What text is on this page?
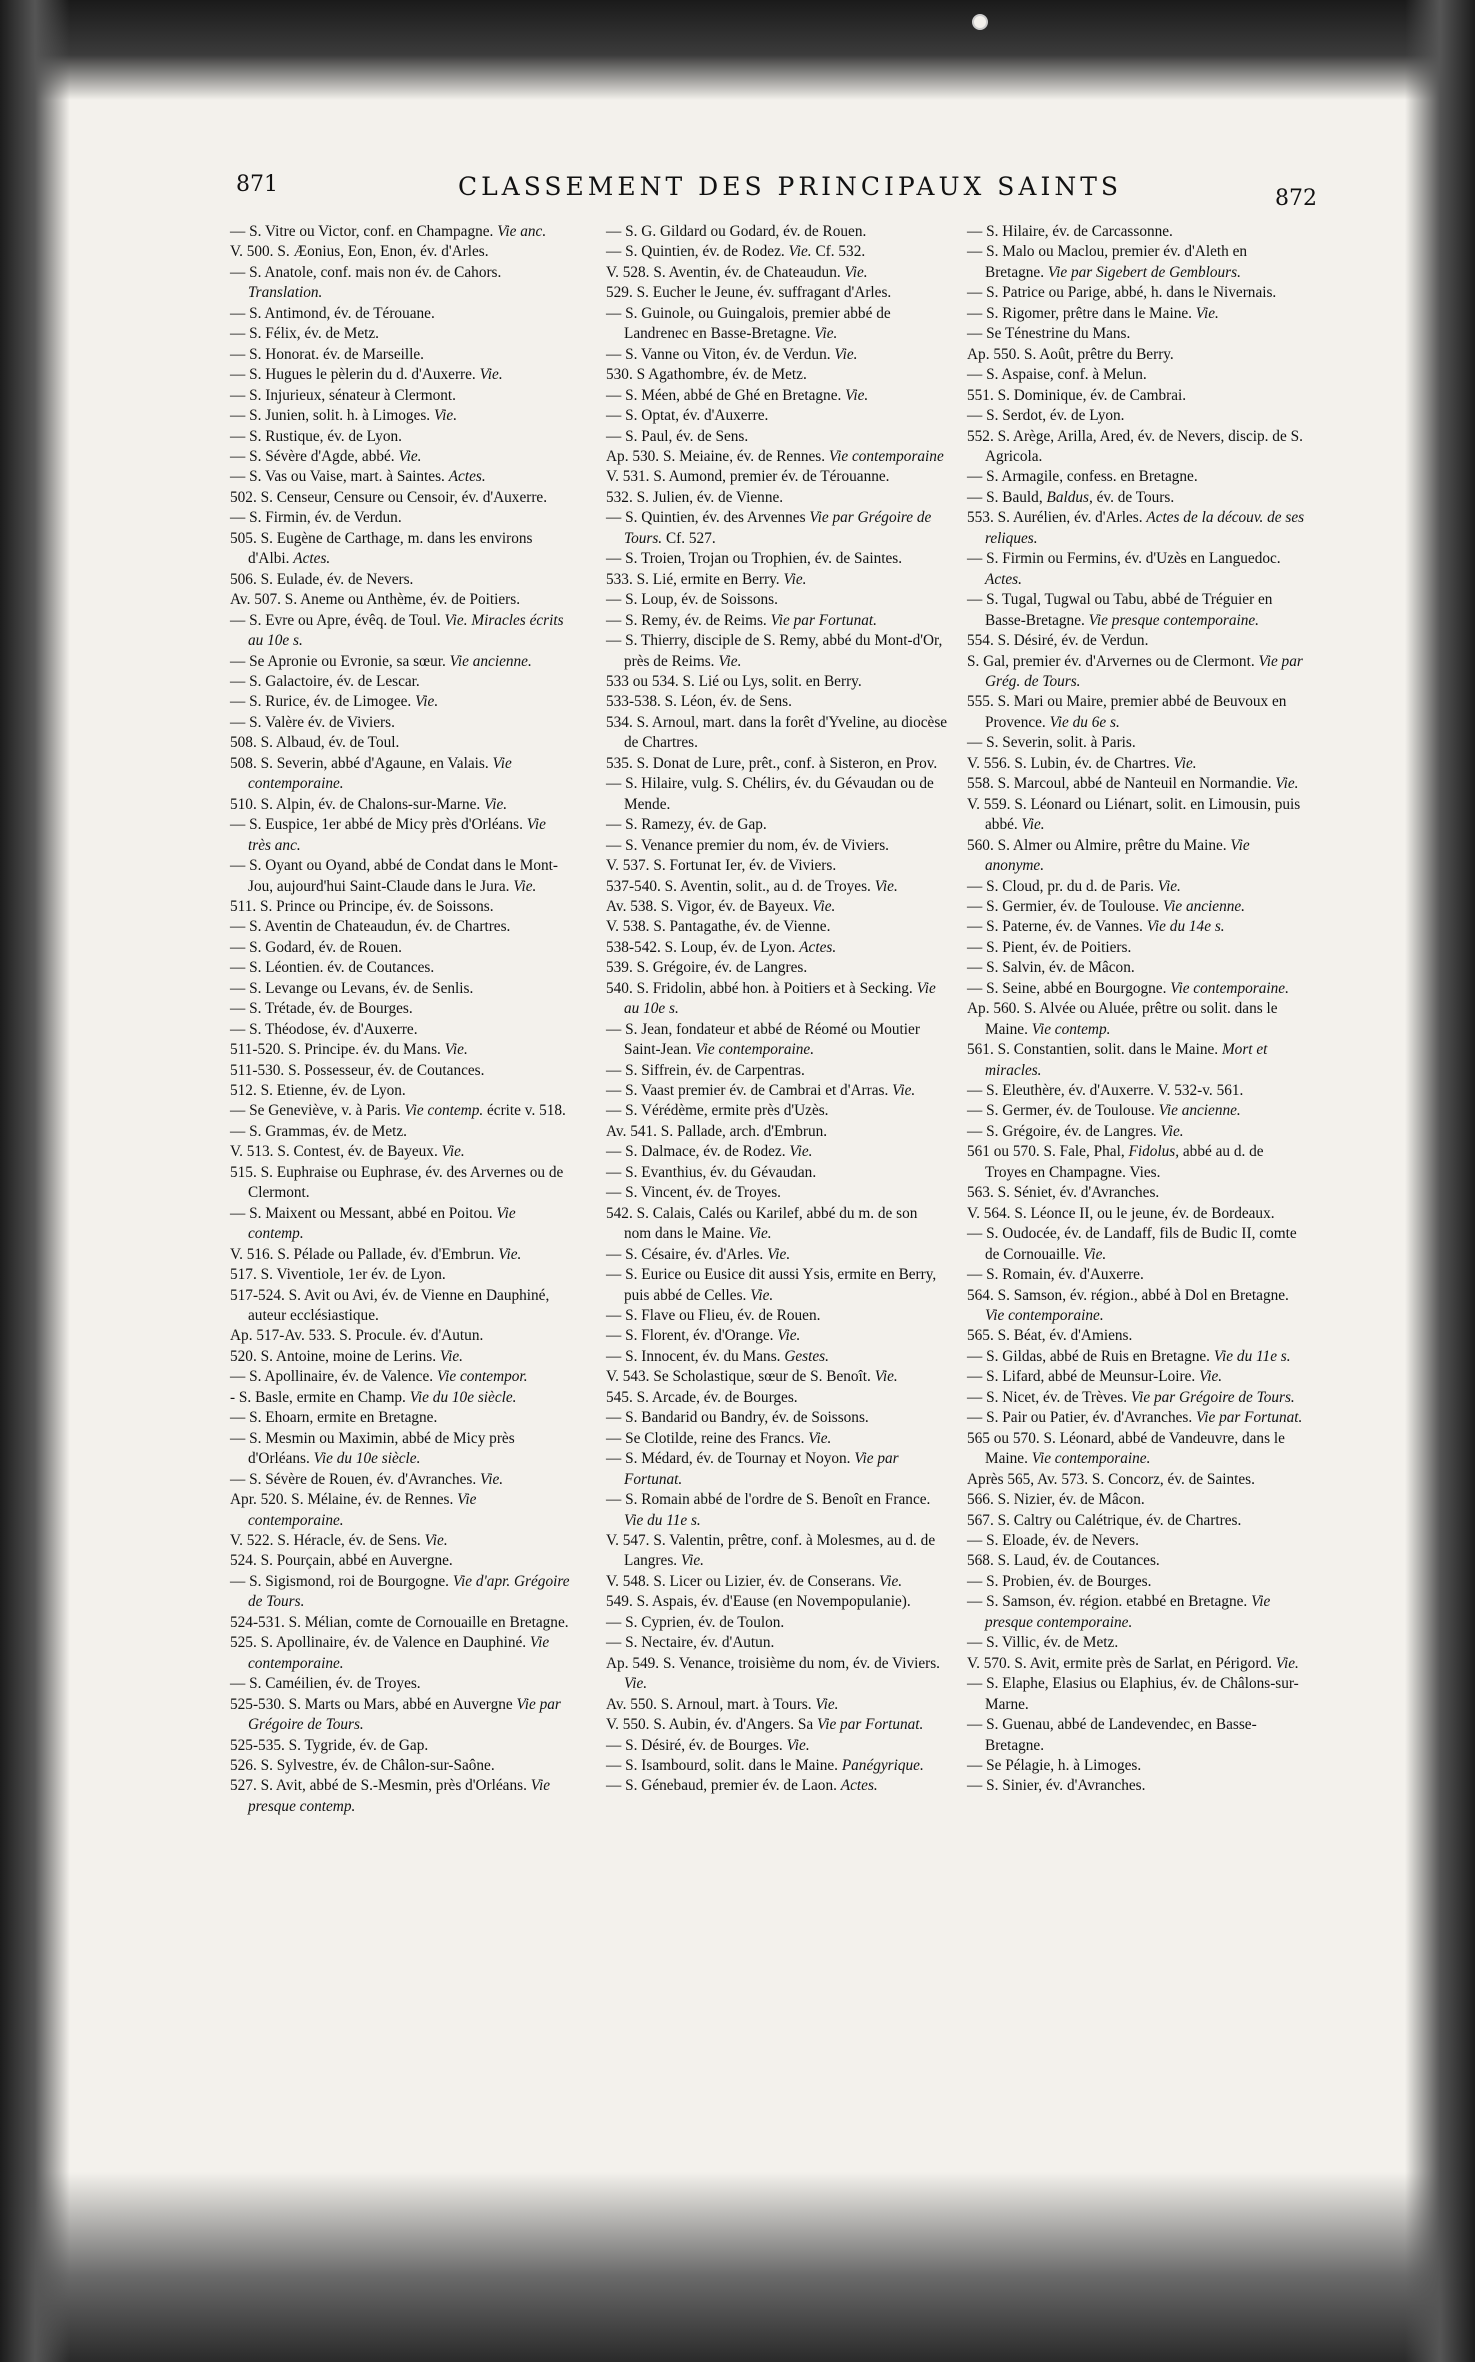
871	CLASSEMENT DES PRINCIPAUX SAINTS	872

— S. Vitre ou Victor, conf. en Champagne. Vie anc.

V. 500. S. Æonius, Eon, Enon, év. d'Arles.

— S. Anatole, conf. mais non év. de Cahors. Translation.

— S. Antimond, év. de Térouane.

— S. Félix, év. de Metz.

— S. Honorat. év. de Marseille.

— S. Hugues le pèlerin du d. d'Auxerre. Vie.

— S. Injurieux, sénateur à Clermont.

— S. Junien, solit. h. à Limoges. Vie.

— S. Rustique, év. de Lyon.

— S. Sévère d'Agde, abbé. Vie.

— S. Vas ou Vaise, mart. à Saintes. Actes.

502. S. Censeur, Censure ou Censoir, év. d'Auxerre.

— S. Firmin, év. de Verdun.

505. S. Eugène de Carthage, m. dans les environs d'Albi. Actes.

506. S. Eulade, év. de Nevers.

Av. 507. S. Aneme ou Anthème, év. de Poitiers.

— S. Evre ou Apre, évêq. de Toul. Vie. Miracles écrits au 10e s.

— Se Apronie ou Evronie, sa sœur. Vie ancienne.

— S. Galactoire, év. de Lescar.

— S. Rurice, év. de Limogee. Vie.

— S. Valère év. de Viviers.

508. S. Albaud, év. de Toul.

508. S. Severin, abbé d'Agaune, en Valais. Vie contemporaine.

510. S. Alpin, év. de Chalons-sur-Marne. Vie.

— S. Euspice, 1er abbé de Micy près d'Orléans. Vie très anc.

— S. Oyant ou Oyand, abbé de Condat dans le Mont-Jou, aujourd'hui Saint-Claude dans le Jura. Vie.

511. S. Prince ou Principe, év. de Soissons.

— S. Aventin de Chateaudun, év. de Chartres.

— S. Godard, év. de Rouen.

— S. Léontien. év. de Coutances.

— S. Levange ou Levans, év. de Senlis.

— S. Trétade, év. de Bourges.

— S. Théodose, év. d'Auxerre.

511-520. S. Principe. év. du Mans. Vie.

511-530. S. Possesseur, év. de Coutances.

512. S. Etienne, év. de Lyon.

— Se Geneviève, v. à Paris. Vie contemp. écrite v. 518.

— S. Grammas, év. de Metz.

V. 513. S. Contest, év. de Bayeux. Vie.

515. S. Euphraise ou Euphrase, év. des Arvernes ou de Clermont.

— S. Maixent ou Messant, abbé en Poitou. Vie contemp.

V. 516. S. Pélade ou Pallade, év. d'Embrun. Vie.

517. S. Viventiole, 1er év. de Lyon.

517-524. S. Avit ou Avi, év. de Vienne en Dauphiné, auteur ecclésiastique.

Ap. 517-Av. 533. S. Procule. év. d'Autun.

520. S. Antoine, moine de Lerins. Vie.

— S. Apollinaire, év. de Valence. Vie contempor.

- S. Basle, ermite en Champ. Vie du 10e siècle.

— S. Ehoarn, ermite en Bretagne.

— S. Mesmin ou Maximin, abbé de Micy près d'Orléans. Vie du 10e siècle.

— S. Sévère de Rouen, év. d'Avranches. Vie.

Apr. 520. S. Mélaine, év. de Rennes. Vie contemporaine.

V. 522. S. Héracle, év. de Sens. Vie.

524. S. Pourçain, abbé en Auvergne.

— S. Sigismond, roi de Bourgogne. Vie d'apr. Grégoire de Tours.

524-531. S. Mélian, comte de Cornouaille en Bretagne.

525. S. Apollinaire, év. de Valence en Dauphiné. Vie contemporaine.

— S. Caméilien, év. de Troyes.

525-530. S. Marts ou Mars, abbé en Auvergne Vie par Grégoire de Tours.

525-535. S. Tygride, év. de Gap.

526. S. Sylvestre, év. de Châlon-sur-Saône.

527. S. Avit, abbé de S.-Mesmin, près d'Orléans. Vie presque contemp.

— S. G. Gildard ou Godard, év. de Rouen.

— S. Quintien, év. de Rodez. Vie. Cf. 532.

V. 528. S. Aventin, év. de Chateaudun. Vie.

529. S. Eucher le Jeune, év. suffragant d'Arles.

— S. Guinole, ou Guingalois, premier abbé de Landrenec en Basse-Bretagne. Vie.

— S. Vanne ou Viton, év. de Verdun. Vie.

530. S Agathombre, év. de Metz.

— S. Méen, abbé de Ghé en Bretagne. Vie.

— S. Optat, év. d'Auxerre.

— S. Paul, év. de Sens.

Ap. 530. S. Meiaine, év. de Rennes. Vie contemporaine

V. 531. S. Aumond, premier év. de Térouanne.

532. S. Julien, év. de Vienne.

— S. Quintien, év. des Arvennes Vie par Grégoire de Tours. Cf. 527.

— S. Troien, Trojan ou Trophien, év. de Saintes.

533. S. Lié, ermite en Berry. Vie.

— S. Loup, év. de Soissons.

— S. Remy, év. de Reims. Vie par Fortunat.

— S. Thierry, disciple de S. Remy, abbé du Mont-d'Or, près de Reims. Vie.

533 ou 534. S. Lié ou Lys, solit. en Berry.

533-538. S. Léon, év. de Sens.

534. S. Arnoul, mart. dans la forêt d'Yveline, au diocèse de Chartres.

535. S. Donat de Lure, prêt., conf. à Sisteron, en Prov.

— S. Hilaire, vulg. S. Chélirs, év. du Gévaudan ou de Mende.

— S. Ramezy, év. de Gap.

— S. Venance premier du nom, év. de Viviers.

V. 537. S. Fortunat Ier, év. de Viviers.

537-540. S. Aventin, solit., au d. de Troyes. Vie.

Av. 538. S. Vigor, év. de Bayeux. Vie.

V. 538. S. Pantagathe, év. de Vienne.

538-542. S. Loup, év. de Lyon. Actes.

539. S. Grégoire, év. de Langres.

540. S. Fridolin, abbé hon. à Poitiers et à Secking. Vie au 10e s.

— S. Jean, fondateur et abbé de Réomé ou Moutier Saint-Jean. Vie contemporaine.

— S. Siffrein, év. de Carpentras.

— S. Vaast premier év. de Cambrai et d'Arras. Vie.

— S. Vérédème, ermite près d'Uzès.

Av. 541. S. Pallade, arch. d'Embrun.

— S. Dalmace, év. de Rodez. Vie.

— S. Evanthius, év. du Gévaudan.

— S. Vincent, év. de Troyes.

542. S. Calais, Calés ou Karilef, abbé du m. de son nom dans le Maine. Vie.

— S. Césaire, év. d'Arles. Vie.

— S. Eurice ou Eusice dit aussi Ysis, ermite en Berry, puis abbé de Celles. Vie.

— S. Flave ou Flieu, év. de Rouen.

— S. Florent, év. d'Orange. Vie.

— S. Innocent, év. du Mans. Gestes.

V. 543. Se Scholastique, sœur de S. Benoît. Vie.

545. S. Arcade, év. de Bourges.

— S. Bandarid ou Bandry, év. de Soissons.

— Se Clotilde, reine des Francs. Vie.

— S. Médard, év. de Tournay et Noyon. Vie par Fortunat.

— S. Romain abbé de l'ordre de S. Benoît en France. Vie du 11e s.

V. 547. S. Valentin, prêtre, conf. à Molesmes, au d. de Langres. Vie.

V. 548. S. Licer ou Lizier, év. de Conserans. Vie.

549. S. Aspais, év. d'Eause (en Novempopulanie).

— S. Cyprien, év. de Toulon.

— S. Nectaire, év. d'Autun.

Ap. 549. S. Venance, troisième du nom, év. de Viviers. Vie.

Av. 550. S. Arnoul, mart. à Tours. Vie.

V. 550. S. Aubin, év. d'Angers. Sa Vie par Fortunat.

— S. Désiré, év. de Bourges. Vie.

— S. Isambourd, solit. dans le Maine. Panégyrique.

— S. Génebaud, premier év. de Laon. Actes.

— S. Hilaire, év. de Carcassonne.

— S. Malo ou Maclou, premier év. d'Aleth en Bretagne. Vie par Sigebert de Gemblours.

— S. Patrice ou Parige, abbé, h. dans le Nivernais.

— S. Rigomer, prêtre dans le Maine. Vie.

— Se Ténestrine du Mans.

Ap. 550. S. Août, prêtre du Berry.

— S. Aspaise, conf. à Melun.

551. S. Dominique, év. de Cambrai.

— S. Serdot, év. de Lyon.

552. S. Arège, Arilla, Ared, év. de Nevers, discip. de S. Agricola.

— S. Armagile, confess. en Bretagne.

— S. Bauld, Baldus, év. de Tours.

553. S. Aurélien, év. d'Arles. Actes de la découv. de ses reliques.

— S. Firmin ou Fermins, év. d'Uzès en Languedoc. Actes.

— S. Tugal, Tugwal ou Tabu, abbé de Tréguier en Basse-Bretagne. Vie presque contemporaine.

554. S. Désiré, év. de Verdun.

S. Gal, premier év. d'Arvernes ou de Clermont. Vie par Grég. de Tours.

555. S. Mari ou Maire, premier abbé de Beuvoux en Provence. Vie du 6e s.

— S. Severin, solit. à Paris.

V. 556. S. Lubin, év. de Chartres. Vie.

558. S. Marcoul, abbé de Nanteuil en Normandie. Vie.

V. 559. S. Léonard ou Liénart, solit. en Limousin, puis abbé. Vie.

560. S. Almer ou Almire, prêtre du Maine. Vie anonyme.

— S. Cloud, pr. du d. de Paris. Vie.

— S. Germier, év. de Toulouse. Vie ancienne.

— S. Paterne, év. de Vannes. Vie du 14e s.

— S. Pient, év. de Poitiers.

— S. Salvin, év. de Mâcon.

— S. Seine, abbé en Bourgogne. Vie contemporaine.

Ap. 560. S. Alvée ou Aluée, prêtre ou solit. dans le Maine. Vie contemp.

561. S. Constantien, solit. dans le Maine. Mort et miracles.

— S. Eleuthère, év. d'Auxerre. V. 532-v. 561.

— S. Germer, év. de Toulouse. Vie ancienne.

— S. Grégoire, év. de Langres. Vie.

561 ou 570. S. Fale, Phal, Fidolus, abbé au d. de Troyes en Champagne. Vies.

563. S. Séniet, év. d'Avranches.

V. 564. S. Léonce II, ou le jeune, év. de Bordeaux.

— S. Oudocée, év. de Landaff, fils de Budic II, comte de Cornouaille. Vie.

— S. Romain, év. d'Auxerre.

564. S. Samson, év. région., abbé à Dol en Bretagne. Vie contemporaine.

565. S. Béat, év. d'Amiens.

— S. Gildas, abbé de Ruis en Bretagne. Vie du 11e s.

— S. Lifard, abbé de Meunsur-Loire. Vie.

— S. Nicet, év. de Trèves. Vie par Grégoire de Tours.

— S. Pair ou Patier, év. d'Avranches. Vie par Fortunat.

565 ou 570. S. Léonard, abbé de Vandeuvre, dans le Maine. Vie contemporaine.

Après 565, Av. 573. S. Concorz, év. de Saintes.

566. S. Nizier, év. de Mâcon.

567. S. Caltry ou Calétrique, év. de Chartres.

— S. Eloade, év. de Nevers.

568. S. Laud, év. de Coutances.

— S. Probien, év. de Bourges.

— S. Samson, év. région. etabbé en Bretagne. Vie presque contemporaine.

— S. Villic, év. de Metz.

V. 570. S. Avit, ermite près de Sarlat, en Périgord. Vie.

— S. Elaphe, Elasius ou Elaphius, év. de Châlons-sur-Marne.

— S. Guenau, abbé de Landevendec, en Basse-Bretagne.

— Se Pélagie, h. à Limoges.

— S. Sinier, év. d'Avranches.
